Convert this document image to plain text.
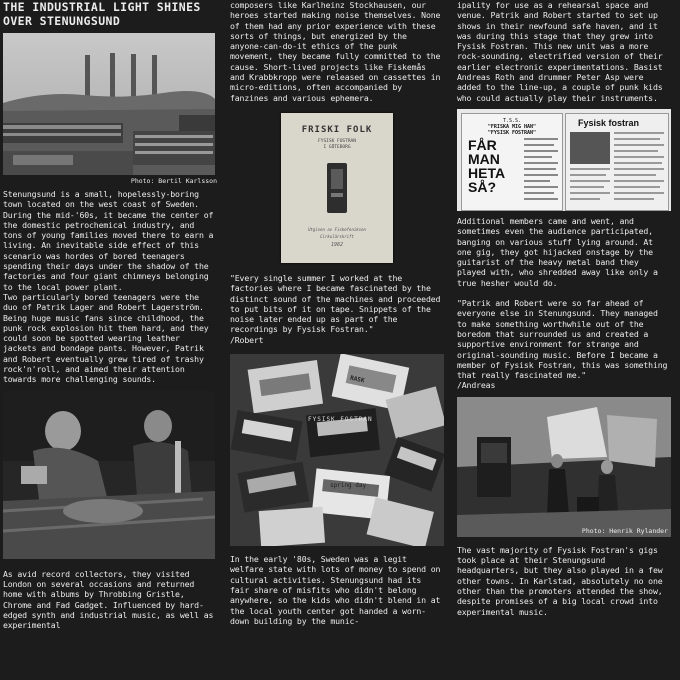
THE INDUSTRIAL LIGHT SHINES
OVER STENUNGSUND
Photo: Bertil Karlsson

Stenungsund is a small, hopelessly-boring town located on the west coast of Sweden. During the mid-'60s, it became the center of the domestic petrochemical industry, and tons of young families moved there to earn a living. An inevitable side effect of this scenario was hordes of bored teenagers spending their days under the shadow of the factories and four giant chimneys belonging to the local power plant.

Two particularly bored teenagers were the duo of Patrik Lager and Robert Lagerström. Being huge music fans since childhood, the punk rock explosion hit them hard, and they could soon be spotted wearing leather jackets and bondage pants. However, Patrik and Robert eventually grew tired of trashy rock'n'roll, and aimed their attention towards more challenging sounds.

As avid record collectors, they visited London on several occasions and returned home with albums by Throbbing Gristle, Chrome and Fad Gadget. Influenced by hard-edged synth and industrial music, as well as experimental

composers like Karlheinz Stockhausen, our heroes started making noise themselves. None of them had any prior experience with these sorts of things, but energized by the anyone-can-do-it ethics of the punk movement, they became fully committed to the cause. Short-lived projects like Fiskemås and Krabbkropp were released on cassettes in micro-editions, often accompanied by fanzines and various ephemera.

FRISKI FOLK
FYSISK FOSTRAN
I GÖTEBORG
Utgiven av Fiskefeniksen
Cirkulärskrift
1982

"Every single summer I worked at the factories where I became fascinated by the distinct sound of the machines and proceeded to put bits of it on tape. Snippets of the noise later ended up as part of the recordings by Fysisk Fostran."

/Robert

RASK
FYSISK FOSTRAN
spring day

In the early '80s, Sweden was a legit welfare state with lots of money to spend on cultural activities. Stenungsund had its fair share of misfits who didn't belong anywhere, so the kids who didn't blend in at the local youth center got handed a worn-down building by the munic-

ipality for use as a rehearsal space and venue. Patrik and Robert started to set up shows in their newfound safe haven, and it was during this stage that they grew into Fysisk Fostran. This new unit was a more rock-sounding, electrified version of their earlier electronic experimentations. Basist Andreas Roth and drummer Peter Asp were added to the line-up, a couple of punk kids who could actually play their instruments.

T.S.S.
"FRISKA MIG HAN"
"FYSISK FOSTRAN"
FÅR
MAN
HETA
SÅ?
Fysisk fostran

Additional members came and went, and sometimes even the audience participated, banging on various stuff lying around. At one gig, they got hijacked onstage by the guitarist of the heavy metal band they played with, who shredded away like only a true hesher would do.

"Patrik and Robert were so far ahead of everyone else in Stenungsund. They managed to make something worthwhile out of the boredom that surrounded us and created a supportive environment for strange and original-sounding music. Before I became a member of Fysisk Fostran, this was something that really fascinated me."

/Andreas

Photo: Henrik Rylander

The vast majority of Fysisk Fostran's gigs took place at their Stenungsund headquarters, but they also played in a few other towns. In Karlstad, absolutely no one other than the promoters attended the show, despite promises of a big local crowd into experimental music.
